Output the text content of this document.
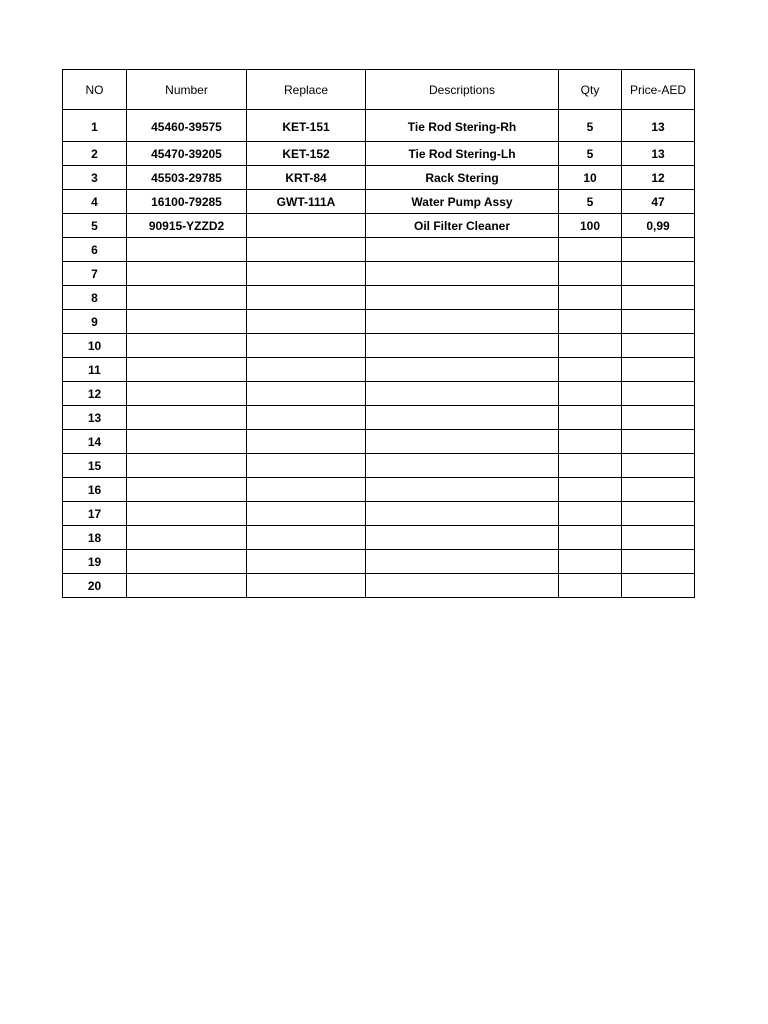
NO	Number	Replace	Descriptions	Qty	Price-AED
1	45460-39575	KET-151	Tie Rod Stering-Rh	5	13
2	45470-39205	KET-152	Tie Rod Stering-Lh	5	13
3	45503-29785	KRT-84	Rack Stering	10	12
4	16100-79285	GWT-111A	Water Pump Assy	5	47
5	90915-YZZD2		Oil Filter Cleaner	100	0,99
6					
7					
8					
9					
10					
11					
12					
13					
14					
15					
16					
17					
18					
19					
20					
